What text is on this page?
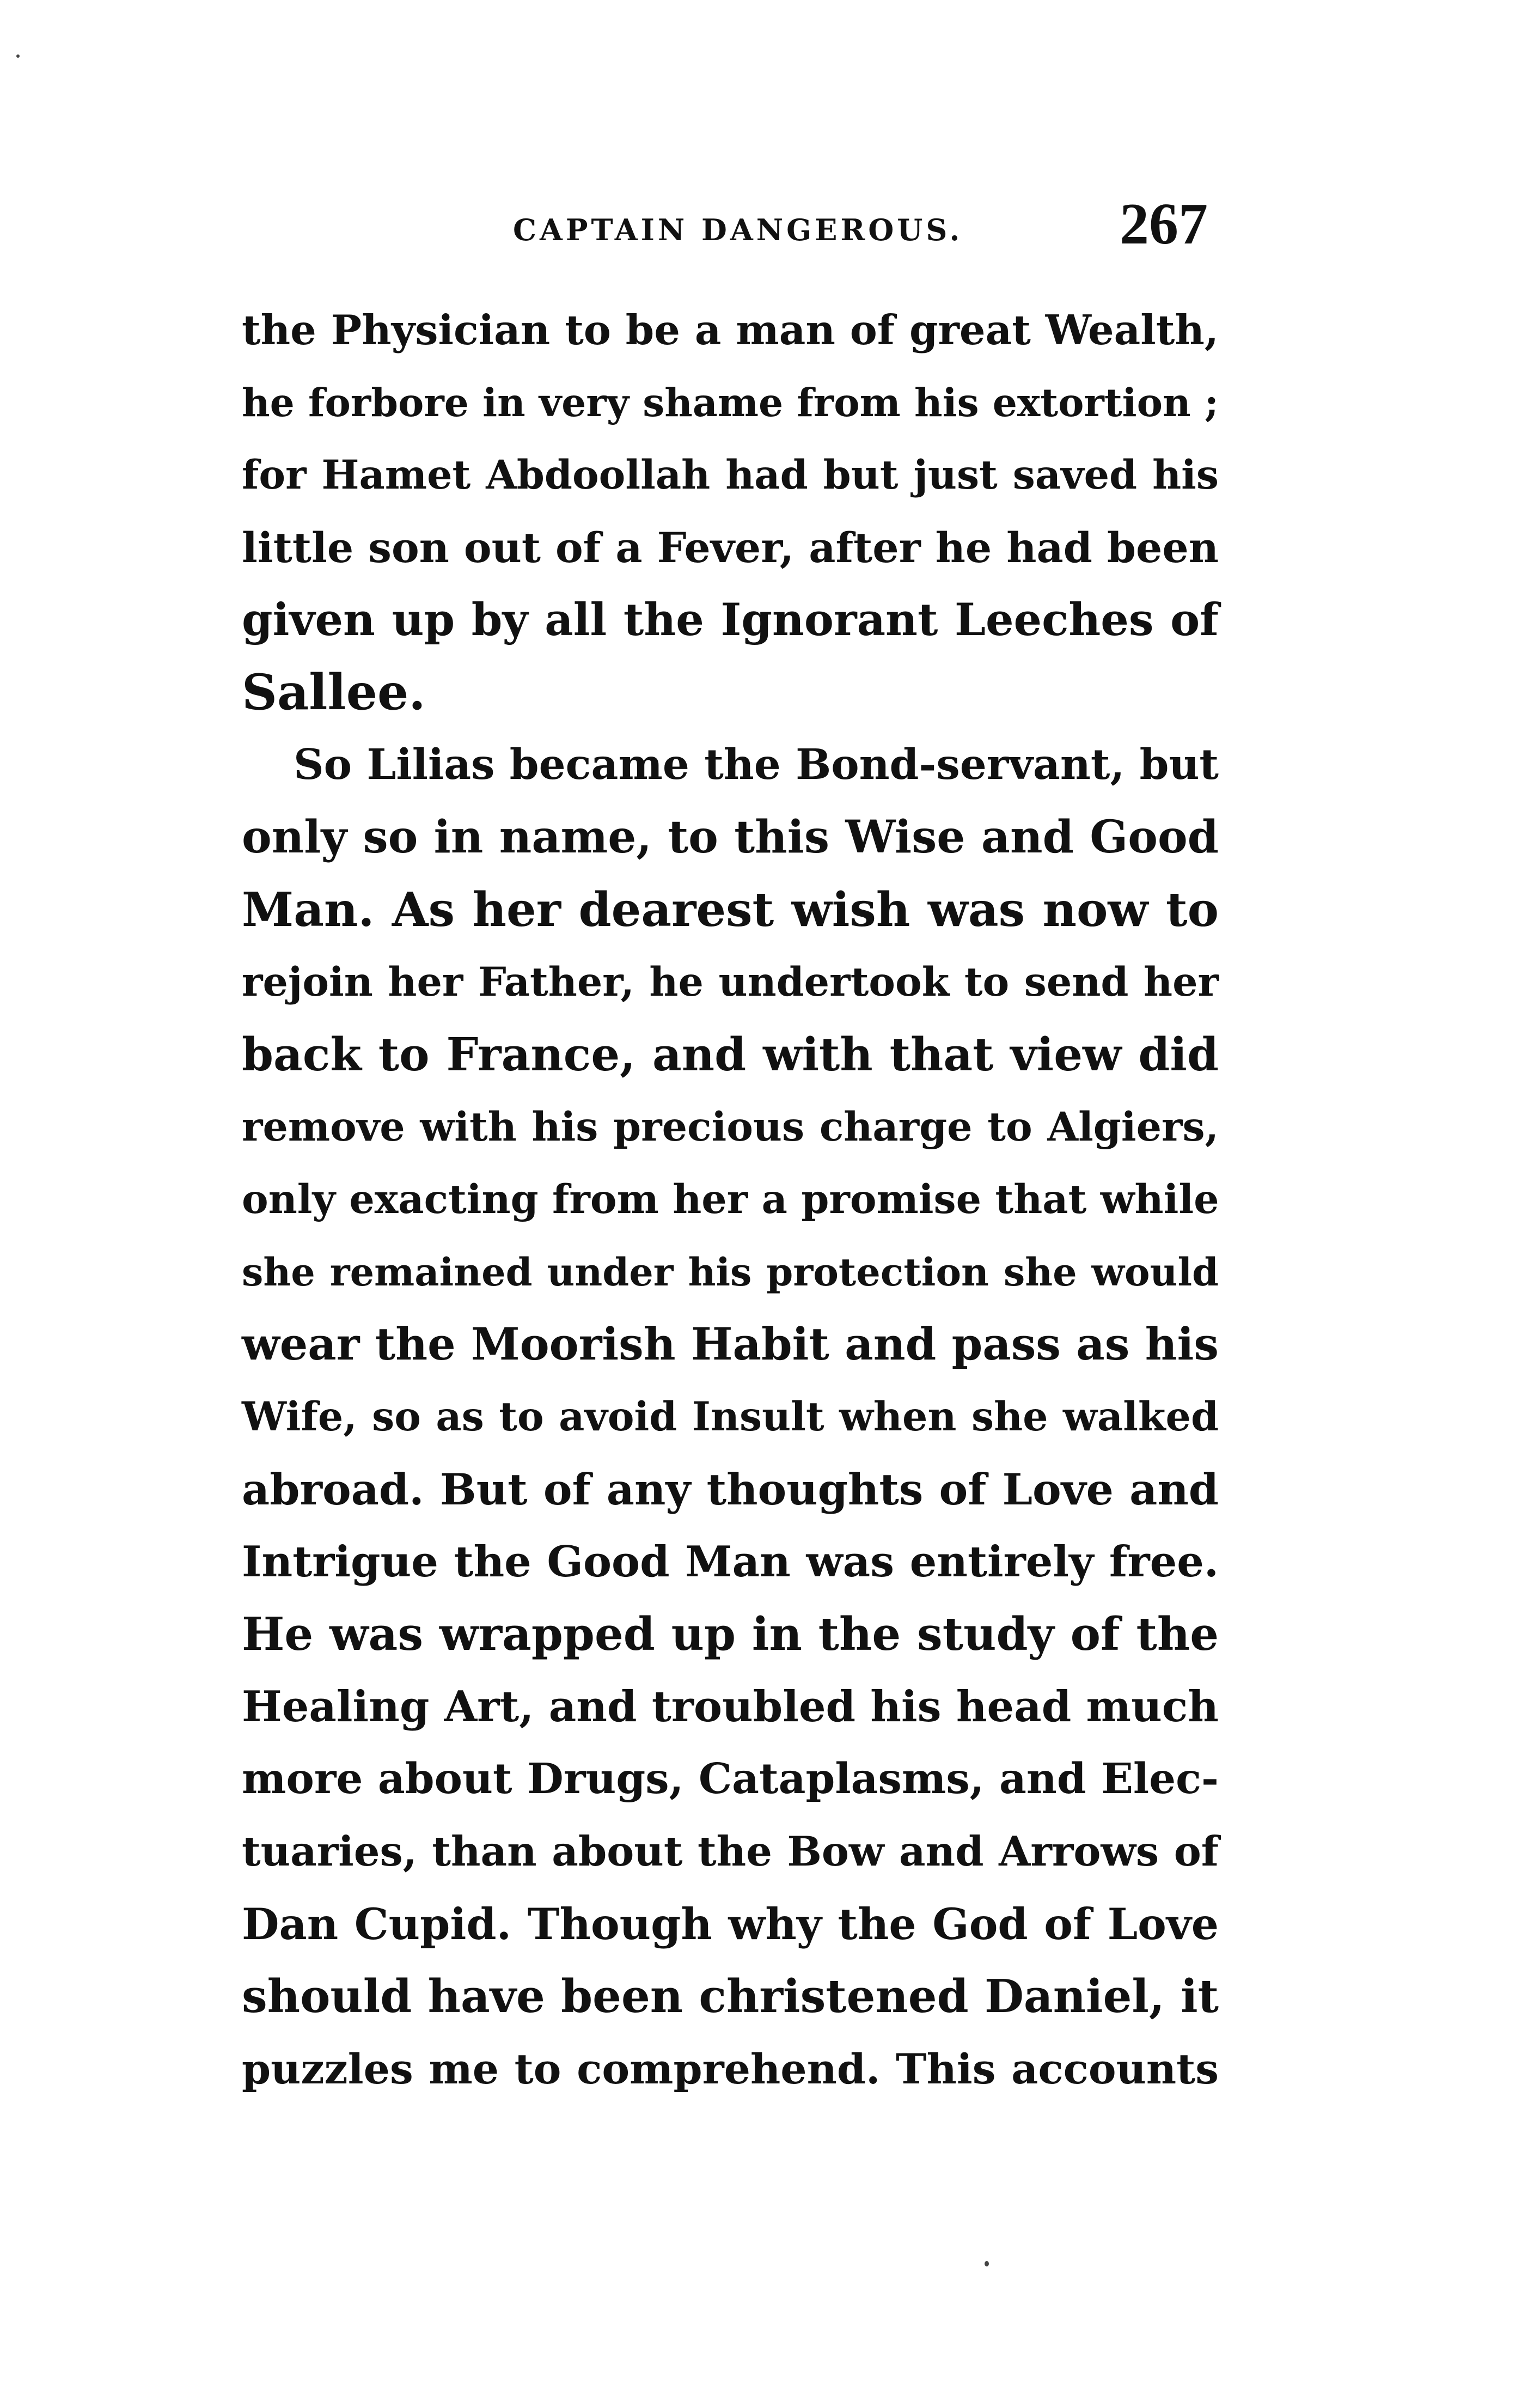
CAPTAIN DANGEROUS.	267
the Physician to be a man of great Wealth,
he forbore in very shame from his extortion ;
for Hamet Abdoollah had but just saved his
little son out of a Fever, after he had been
given up by all the Ignorant Leeches of
Sallee.
So Lilias became the Bond-servant, but
only so in name, to this Wise and Good
Man. As her dearest wish was now to
rejoin her Father, he undertook to send her
back to France, and with that view did
remove with his precious charge to Algiers,
only exacting from her a promise that while
she remained under his protection she would
wear the Moorish Habit and pass as his
Wife, so as to avoid Insult when she walked
abroad. But of any thoughts of Love and
Intrigue the Good Man was entirely free.
He was wrapped up in the study of the
Healing Art, and troubled his head much
more about Drugs, Cataplasms, and Elec-
tuaries, than about the Bow and Arrows of
Dan Cupid. Though why the God of Love
should have been christened Daniel, it
puzzles me to comprehend. This accounts
